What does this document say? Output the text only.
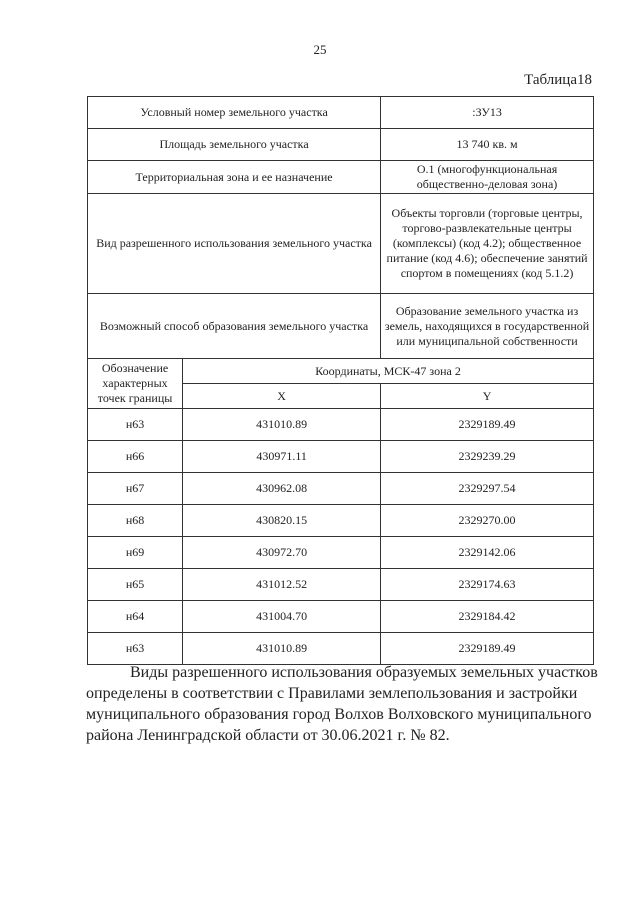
25
Таблица18
Условный номер земельного участка		:ЗУ13
Площадь земельного участка		13 740 кв. м
Территориальная зона и ее назначение		О.1 (многофункциональная общественно-деловая зона)
Вид разрешенного использования земельного участка		Объекты торговли (торговые центры, торгово-развлекательные центры (комплексы) (код 4.2); общественное питание (код 4.6); обеспечение занятий спортом в помещениях (код 5.1.2)
Возможный способ образования земельного участка		Образование земельного участка из земель, находящихся в государственной или муниципальной собственности
Обозначение характерных точек границы	Координаты, МСК-47 зона 2	
	X	Y
н63	431010.89	2329189.49
н66	430971.11	2329239.29
н67	430962.08	2329297.54
н68	430820.15	2329270.00
н69	430972.70	2329142.06
н65	431012.52	2329174.63
н64	431004.70	2329184.42
н63	431010.89	2329189.49
Виды разрешенного использования образуемых земельных участков определены в соответствии с Правилами землепользования и застройки муниципального образования город Волхов Волховского муниципального района Ленинградской области от 30.06.2021 г. № 82.
